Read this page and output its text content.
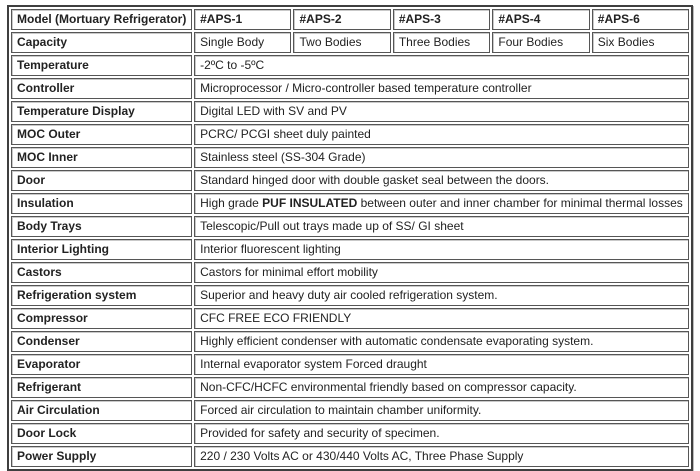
Model (Mortuary Refrigerator)	#APS-1	#APS-2	#APS-3	#APS-4	#APS-6
Capacity	Single Body	Two Bodies	Three Bodies	Four Bodies	Six Bodies
Temperature	-2ºC to -5ºC				
Controller	Microprocessor / Micro-controller based temperature controller				
Temperature Display	Digital LED with SV and PV				
MOC Outer	PCRC/ PCGI sheet duly painted				
MOC Inner	Stainless steel (SS-304 Grade)				
Door	Standard hinged door with double gasket seal between the doors.				
Insulation	High grade PUF INSULATED between outer and inner chamber for minimal thermal losses				
Body Trays	Telescopic/Pull out trays made up of SS/ GI sheet				
Interior Lighting	Interior fluorescent lighting				
Castors	Castors for minimal effort mobility				
Refrigeration system	Superior and heavy duty air cooled refrigeration system.				
Compressor	CFC FREE ECO FRIENDLY				
Condenser	Highly efficient condenser with automatic condensate evaporating system.				
Evaporator	Internal evaporator system Forced draught				
Refrigerant	Non-CFC/HCFC environmental friendly based on compressor capacity.				
Air Circulation	Forced air circulation to maintain chamber uniformity.				
Door Lock	Provided for safety and security of specimen.				
Power Supply	220 / 230 Volts AC or 430/440 Volts AC, Three Phase Supply				
